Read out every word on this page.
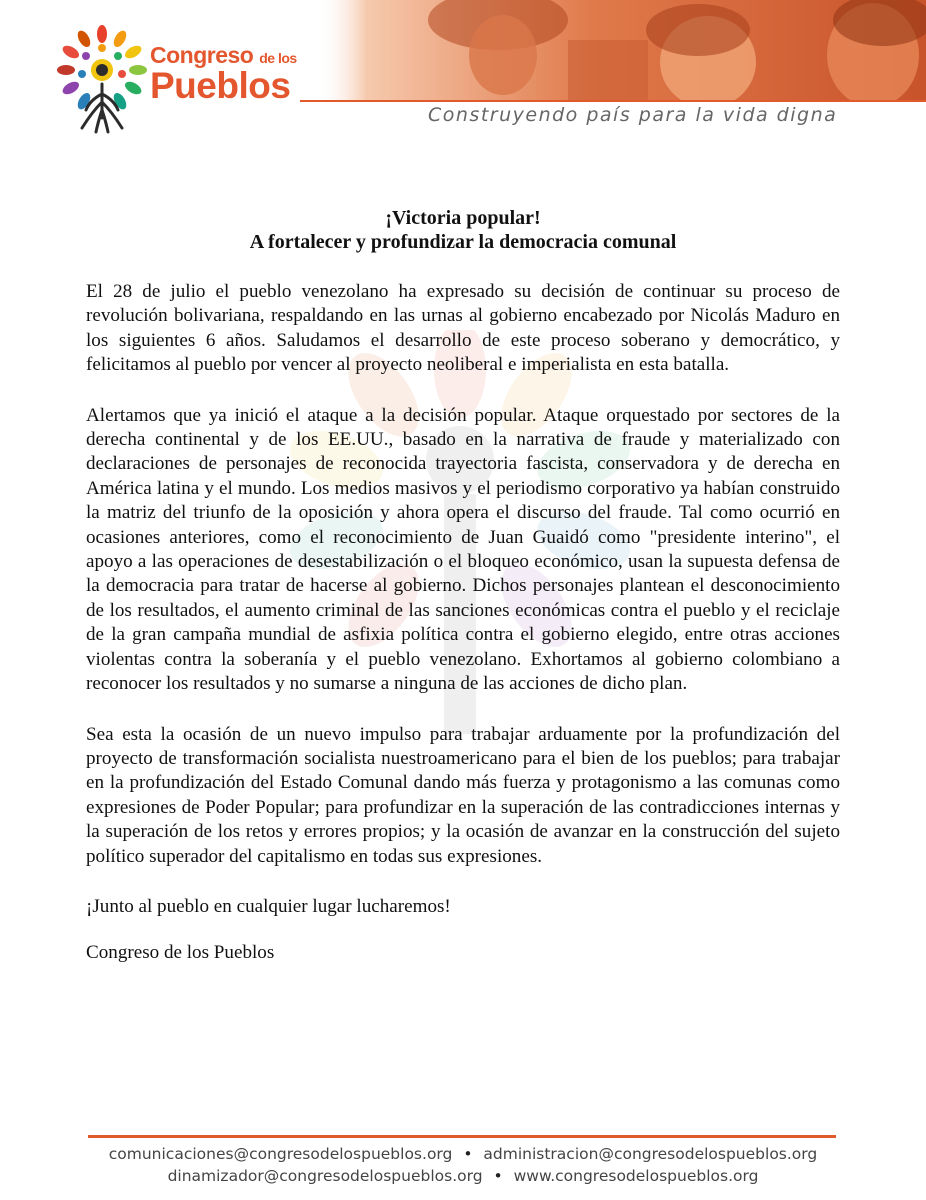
Congreso de los
Pueblos
Construyendo país para la vida digna

¡Victoria popular!
A fortalecer y profundizar la democracia comunal

El 28 de julio el pueblo venezolano ha expresado su decisión de continuar su proceso de revolución bolivariana, respaldando en las urnas al gobierno encabezado por Nicolás Maduro en los siguientes 6 años. Saludamos el desarrollo de este proceso soberano y democrático, y felicitamos al pueblo por vencer al proyecto neoliberal e imperialista en esta batalla.

Alertamos que ya inició el ataque a la decisión popular. Ataque orquestado por sectores de la derecha continental y de los EE.UU., basado en la narrativa de fraude y materializado con declaraciones de personajes de reconocida trayectoria fascista, conservadora y de derecha en América latina y el mundo. Los medios masivos y el periodismo corporativo ya habían construido la matriz del triunfo de la oposición y ahora opera el discurso del fraude. Tal como ocurrió en ocasiones anteriores, como el reconocimiento de Juan Guaidó como "presidente interino", el apoyo a las operaciones de desestabilización o el bloqueo económico, usan la supuesta defensa de la democracia para tratar de hacerse al gobierno. Dichos personajes plantean el desconocimiento de los resultados, el aumento criminal de las sanciones económicas contra el pueblo y el reciclaje de la gran campaña mundial de asfixia política contra el gobierno elegido, entre otras acciones violentas contra la soberanía y el pueblo venezolano. Exhortamos al gobierno colombiano a reconocer los resultados y no sumarse a ninguna de las acciones de dicho plan.

Sea esta la ocasión de un nuevo impulso para trabajar arduamente por la profundización del proyecto de transformación socialista nuestroamericano para el bien de los pueblos; para trabajar en la profundización del Estado Comunal dando más fuerza y protagonismo a las comunas como expresiones de Poder Popular; para profundizar en la superación de las contradicciones internas y la superación de los retos y errores propios; y la ocasión de avanzar en la construcción del sujeto político superador del capitalismo en todas sus expresiones.

¡Junto al pueblo en cualquier lugar lucharemos!

Congreso de los Pueblos

comunicaciones@congresodelospueblos.org • administracion@congresodelospueblos.org
dinamizador@congresodelospueblos.org • www.congresodelospueblos.org
